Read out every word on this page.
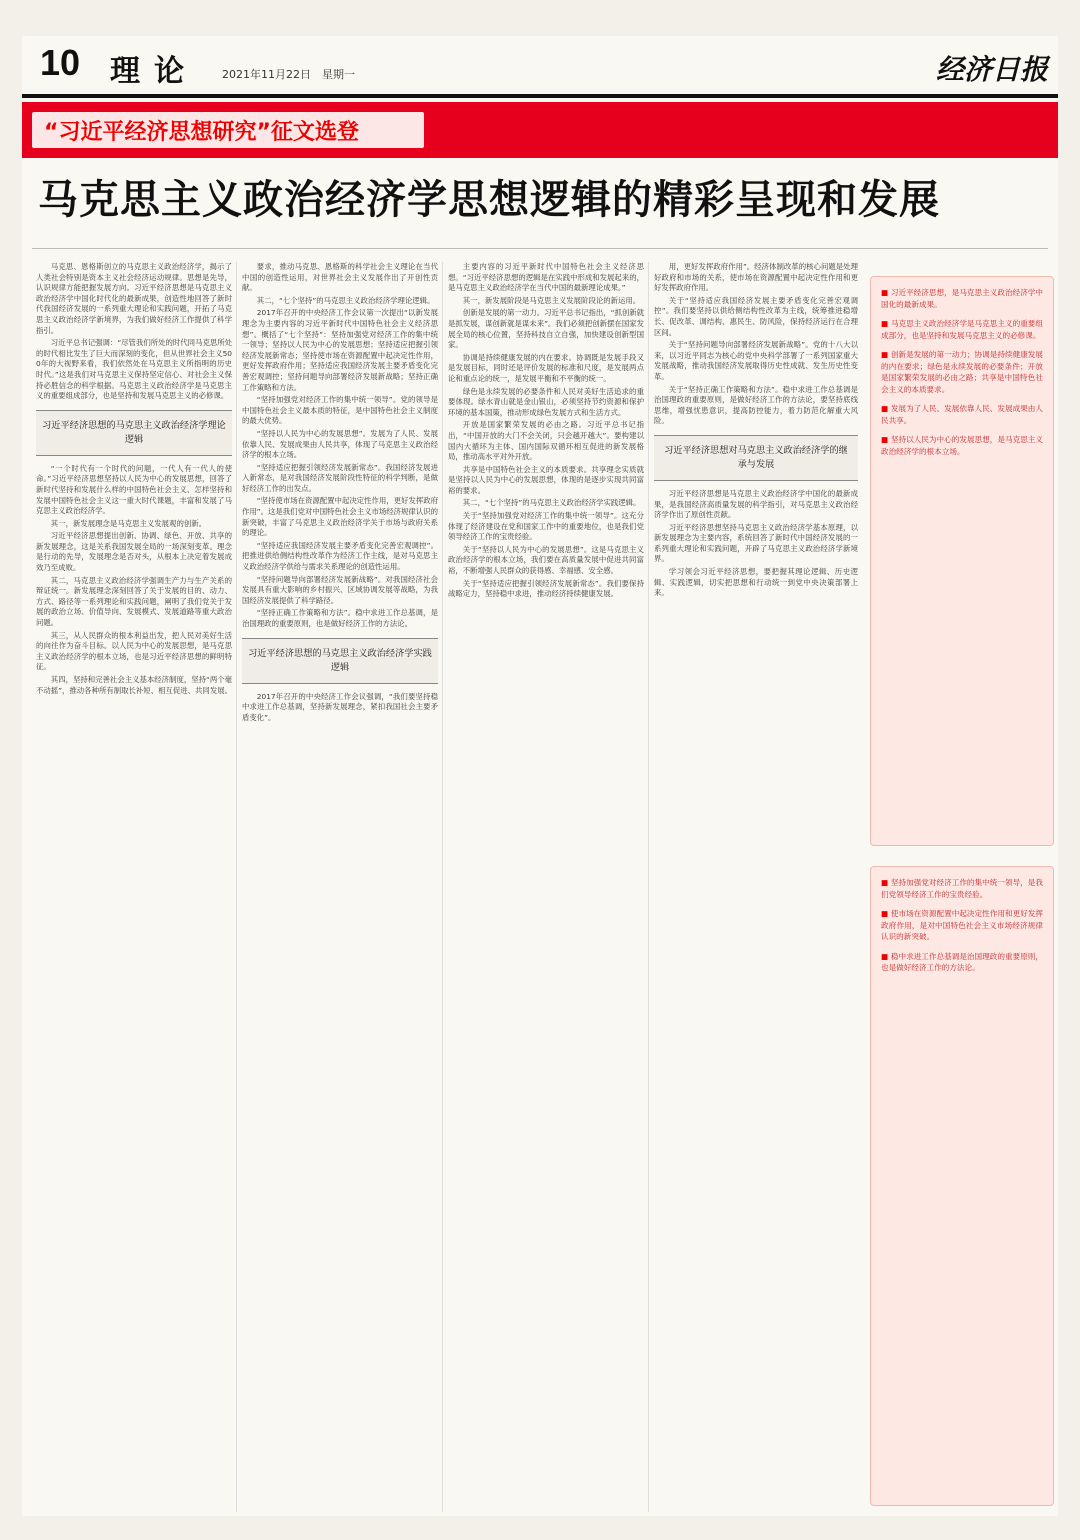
10 理论 2021年11月22日　星期一	经济日报
“习近平经济思想研究”征文选登
马克思主义政治经济学思想逻辑的精彩呈现和发展

马克思、恩格斯创立的马克思主义政治经济学，揭示了人类社会特别是资本主义社会经济运动规律。思想是先导，认识规律方能把握发展方向。习近平经济思想是马克思主义政治经济学中国化时代化的最新成果，创造性地回答了新时代我国经济发展的一系列重大理论和实践问题，开拓了马克思主义政治经济学新境界，为我们做好经济工作提供了科学指引。

习近平总书记强调：“尽管我们所处的时代同马克思所处的时代相比发生了巨大而深刻的变化，但从世界社会主义500年的大视野来看，我们依然处在马克思主义所指明的历史时代。”这是我们对马克思主义保持坚定信心、对社会主义保持必胜信念的科学根据。马克思主义政治经济学是马克思主义的重要组成部分，也是坚持和发展马克思主义的必修课。

习近平经济思想的马克思主义政治经济学理论逻辑

“一个时代有一个时代的问题，一代人有一代人的使命。”习近平经济思想坚持以人民为中心的发展思想，回答了新时代坚持和发展什么样的中国特色社会主义、怎样坚持和发展中国特色社会主义这一重大时代课题，丰富和发展了马克思主义政治经济学。

其一，新发展理念是马克思主义发展观的创新。

习近平经济思想提出创新、协调、绿色、开放、共享的新发展理念，这是关系我国发展全局的一场深刻变革。理念是行动的先导，发展理念是否对头，从根本上决定着发展成效乃至成败。

其二，马克思主义政治经济学强调生产力与生产关系的辩证统一。新发展理念深刻回答了关于发展的目的、动力、方式、路径等一系列理论和实践问题，阐明了我们党关于发展的政治立场、价值导向、发展模式、发展道路等重大政治问题。

其三，从人民群众的根本利益出发，把人民对美好生活的向往作为奋斗目标。以人民为中心的发展思想，是马克思主义政治经济学的根本立场，也是习近平经济思想的鲜明特征。

其四，坚持和完善社会主义基本经济制度，坚持“两个毫不动摇”，推动各种所有制取长补短、相互促进、共同发展。

要求，推动马克思、恩格斯的科学社会主义理论在当代中国的创造性运用，对世界社会主义发展作出了开创性贡献。

其二，“七个坚持”的马克思主义政治经济学理论逻辑。

2017年召开的中央经济工作会议第一次提出“以新发展理念为主要内容的习近平新时代中国特色社会主义经济思想”。概括了“七个坚持”：坚持加强党对经济工作的集中统一领导；坚持以人民为中心的发展思想；坚持适应把握引领经济发展新常态；坚持使市场在资源配置中起决定性作用，更好发挥政府作用；坚持适应我国经济发展主要矛盾变化完善宏观调控；坚持问题导向部署经济发展新战略；坚持正确工作策略和方法。

“坚持加强党对经济工作的集中统一领导”。党的领导是中国特色社会主义最本质的特征，是中国特色社会主义制度的最大优势。

“坚持以人民为中心的发展思想”。发展为了人民、发展依靠人民、发展成果由人民共享，体现了马克思主义政治经济学的根本立场。

“坚持适应把握引领经济发展新常态”。我国经济发展进入新常态，是对我国经济发展阶段性特征的科学判断，是做好经济工作的出发点。

“坚持使市场在资源配置中起决定性作用，更好发挥政府作用”。这是我们党对中国特色社会主义市场经济规律认识的新突破，丰富了马克思主义政治经济学关于市场与政府关系的理论。

“坚持适应我国经济发展主要矛盾变化完善宏观调控”。把推进供给侧结构性改革作为经济工作主线，是对马克思主义政治经济学供给与需求关系理论的创造性运用。

“坚持问题导向部署经济发展新战略”。对我国经济社会发展具有重大影响的乡村振兴、区域协调发展等战略，为我国经济发展提供了科学路径。

“坚持正确工作策略和方法”。稳中求进工作总基调，是治国理政的重要原则，也是做好经济工作的方法论。

习近平经济思想的马克思主义政治经济学实践逻辑

2017年召开的中央经济工作会议强调，“我们要坚持稳中求进工作总基调，坚持新发展理念，紧扣我国社会主要矛盾变化”。

主要内容的习近平新时代中国特色社会主义经济思想。“习近平经济思想的逻辑是在实践中形成和发展起来的，是马克思主义政治经济学在当代中国的最新理论成果。”

其一，新发展阶段是马克思主义发展阶段论的新运用。

创新是发展的第一动力。习近平总书记指出，“抓创新就是抓发展，谋创新就是谋未来”。我们必须把创新摆在国家发展全局的核心位置，坚持科技自立自强，加快建设创新型国家。

协调是持续健康发展的内在要求。协调既是发展手段又是发展目标，同时还是评价发展的标准和尺度，是发展两点论和重点论的统一，是发展平衡和不平衡的统一。

绿色是永续发展的必要条件和人民对美好生活追求的重要体现。绿水青山就是金山银山，必须坚持节约资源和保护环境的基本国策，推动形成绿色发展方式和生活方式。

开放是国家繁荣发展的必由之路。习近平总书记指出，“中国开放的大门不会关闭，只会越开越大”。要构建以国内大循环为主体、国内国际双循环相互促进的新发展格局，推动高水平对外开放。

共享是中国特色社会主义的本质要求。共享理念实质就是坚持以人民为中心的发展思想，体现的是逐步实现共同富裕的要求。

其二，“七个坚持”的马克思主义政治经济学实践逻辑。

关于“坚持加强党对经济工作的集中统一领导”。这充分体现了经济建设在党和国家工作中的重要地位，也是我们党领导经济工作的宝贵经验。

关于“坚持以人民为中心的发展思想”。这是马克思主义政治经济学的根本立场，我们要在高质量发展中促进共同富裕，不断增强人民群众的获得感、幸福感、安全感。

关于“坚持适应把握引领经济发展新常态”。我们要保持战略定力，坚持稳中求进，推动经济持续健康发展。

用，更好发挥政府作用”。经济体制改革的核心问题是处理好政府和市场的关系，使市场在资源配置中起决定性作用和更好发挥政府作用。

关于“坚持适应我国经济发展主要矛盾变化完善宏观调控”。我们要坚持以供给侧结构性改革为主线，统筹推进稳增长、促改革、调结构、惠民生、防风险，保持经济运行在合理区间。

关于“坚持问题导向部署经济发展新战略”。党的十八大以来，以习近平同志为核心的党中央科学部署了一系列国家重大发展战略，推动我国经济发展取得历史性成就、发生历史性变革。

关于“坚持正确工作策略和方法”。稳中求进工作总基调是治国理政的重要原则，是做好经济工作的方法论，要坚持底线思维，增强忧患意识，提高防控能力，着力防范化解重大风险。

习近平经济思想对马克思主义政治经济学的继承与发展

习近平经济思想是马克思主义政治经济学中国化的最新成果，是我国经济高质量发展的科学指引，对马克思主义政治经济学作出了原创性贡献。

习近平经济思想坚持马克思主义政治经济学基本原理，以新发展理念为主要内容，系统回答了新时代中国经济发展的一系列重大理论和实践问题，开辟了马克思主义政治经济学新境界。

学习领会习近平经济思想，要把握其理论逻辑、历史逻辑、实践逻辑，切实把思想和行动统一到党中央决策部署上来。

■ 习近平经济思想，是马克思主义政治经济学中国化的最新成果。

■ 马克思主义政治经济学是马克思主义的重要组成部分，也是坚持和发展马克思主义的必修课。

■ 创新是发展的第一动力；协调是持续健康发展的内在要求；绿色是永续发展的必要条件；开放是国家繁荣发展的必由之路；共享是中国特色社会主义的本质要求。

■ 发展为了人民、发展依靠人民、发展成果由人民共享。

■ 坚持以人民为中心的发展思想，是马克思主义政治经济学的根本立场。

■ 坚持加强党对经济工作的集中统一领导，是我们党领导经济工作的宝贵经验。

■ 使市场在资源配置中起决定性作用和更好发挥政府作用，是对中国特色社会主义市场经济规律认识的新突破。

■ 稳中求进工作总基调是治国理政的重要原则，也是做好经济工作的方法论。
